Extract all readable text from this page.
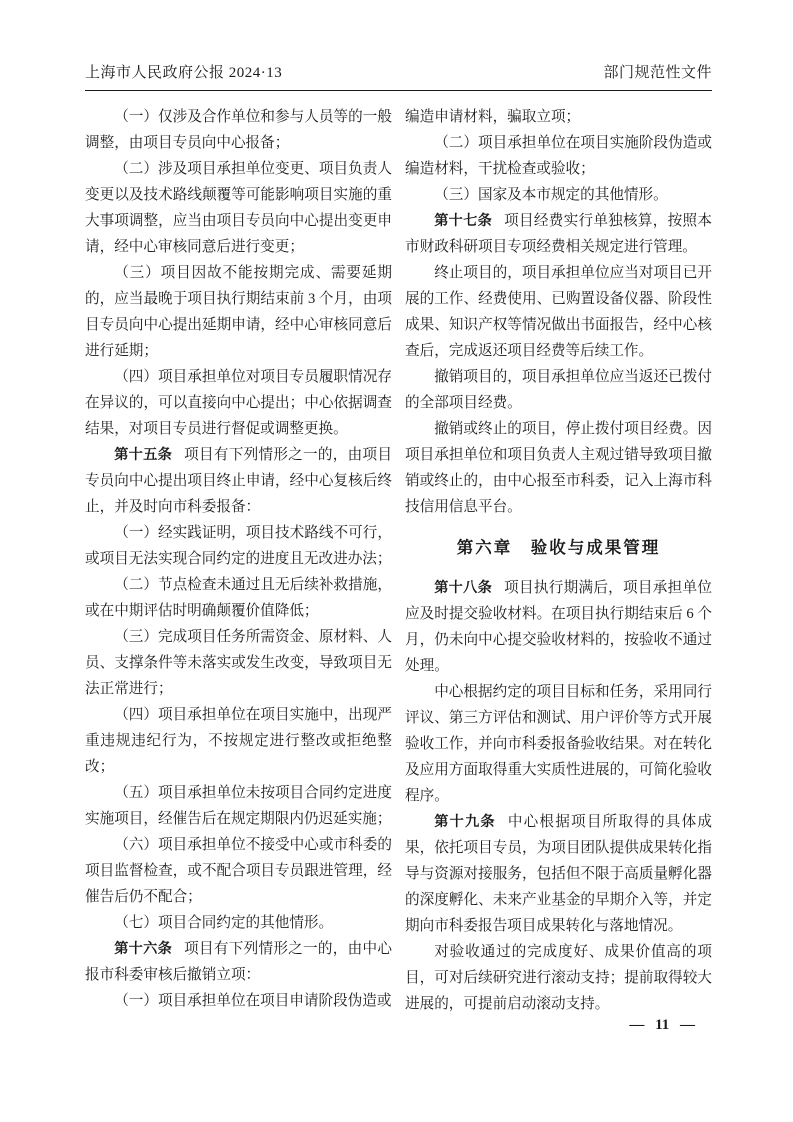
上海市人民政府公报 2024·13	部门规范性文件

（一）仅涉及合作单位和参与人员等的一般调整，由项目专员向中心报备；

（二）涉及项目承担单位变更、项目负责人变更以及技术路线颠覆等可能影响项目实施的重大事项调整，应当由项目专员向中心提出变更申请，经中心审核同意后进行变更；

（三）项目因故不能按期完成、需要延期的，应当最晚于项目执行期结束前 3 个月，由项目专员向中心提出延期申请，经中心审核同意后进行延期；

（四）项目承担单位对项目专员履职情况存在异议的，可以直接向中心提出；中心依据调查结果，对项目专员进行督促或调整更换。

第十五条 项目有下列情形之一的，由项目专员向中心提出项目终止申请，经中心复核后终止，并及时向市科委报备：

（一）经实践证明，项目技术路线不可行，或项目无法实现合同约定的进度且无改进办法；

（二）节点检查未通过且无后续补救措施，或在中期评估时明确颠覆价值降低；

（三）完成项目任务所需资金、原材料、人员、支撑条件等未落实或发生改变，导致项目无法正常进行；

（四）项目承担单位在项目实施中，出现严重违规违纪行为，不按规定进行整改或拒绝整改；

（五）项目承担单位未按项目合同约定进度实施项目，经催告后在规定期限内仍迟延实施；

（六）项目承担单位不接受中心或市科委的项目监督检查，或不配合项目专员跟进管理，经催告后仍不配合；

（七）项目合同约定的其他情形。

第十六条 项目有下列情形之一的，由中心报市科委审核后撤销立项：

（一）项目承担单位在项目申请阶段伪造或

编造申请材料，骗取立项；

（二）项目承担单位在项目实施阶段伪造或编造材料，干扰检查或验收；

（三）国家及本市规定的其他情形。

第十七条 项目经费实行单独核算，按照本市财政科研项目专项经费相关规定进行管理。

终止项目的，项目承担单位应当对项目已开展的工作、经费使用、已购置设备仪器、阶段性成果、知识产权等情况做出书面报告，经中心核查后，完成返还项目经费等后续工作。

撤销项目的，项目承担单位应当返还已拨付的全部项目经费。

撤销或终止的项目，停止拨付项目经费。因项目承担单位和项目负责人主观过错导致项目撤销或终止的，由中心报至市科委，记入上海市科技信用信息平台。

第六章　验收与成果管理

第十八条 项目执行期满后，项目承担单位应及时提交验收材料。在项目执行期结束后 6 个月，仍未向中心提交验收材料的，按验收不通过处理。

中心根据约定的项目目标和任务，采用同行评议、第三方评估和测试、用户评价等方式开展验收工作，并向市科委报备验收结果。对在转化及应用方面取得重大实质性进展的，可简化验收程序。

第十九条 中心根据项目所取得的具体成果，依托项目专员，为项目团队提供成果转化指导与资源对接服务，包括但不限于高质量孵化器的深度孵化、未来产业基金的早期介入等，并定期向市科委报告项目成果转化与落地情况。

对验收通过的完成度好、成果价值高的项目，可对后续研究进行滚动支持；提前取得较大进展的，可提前启动滚动支持。

— 11 —
